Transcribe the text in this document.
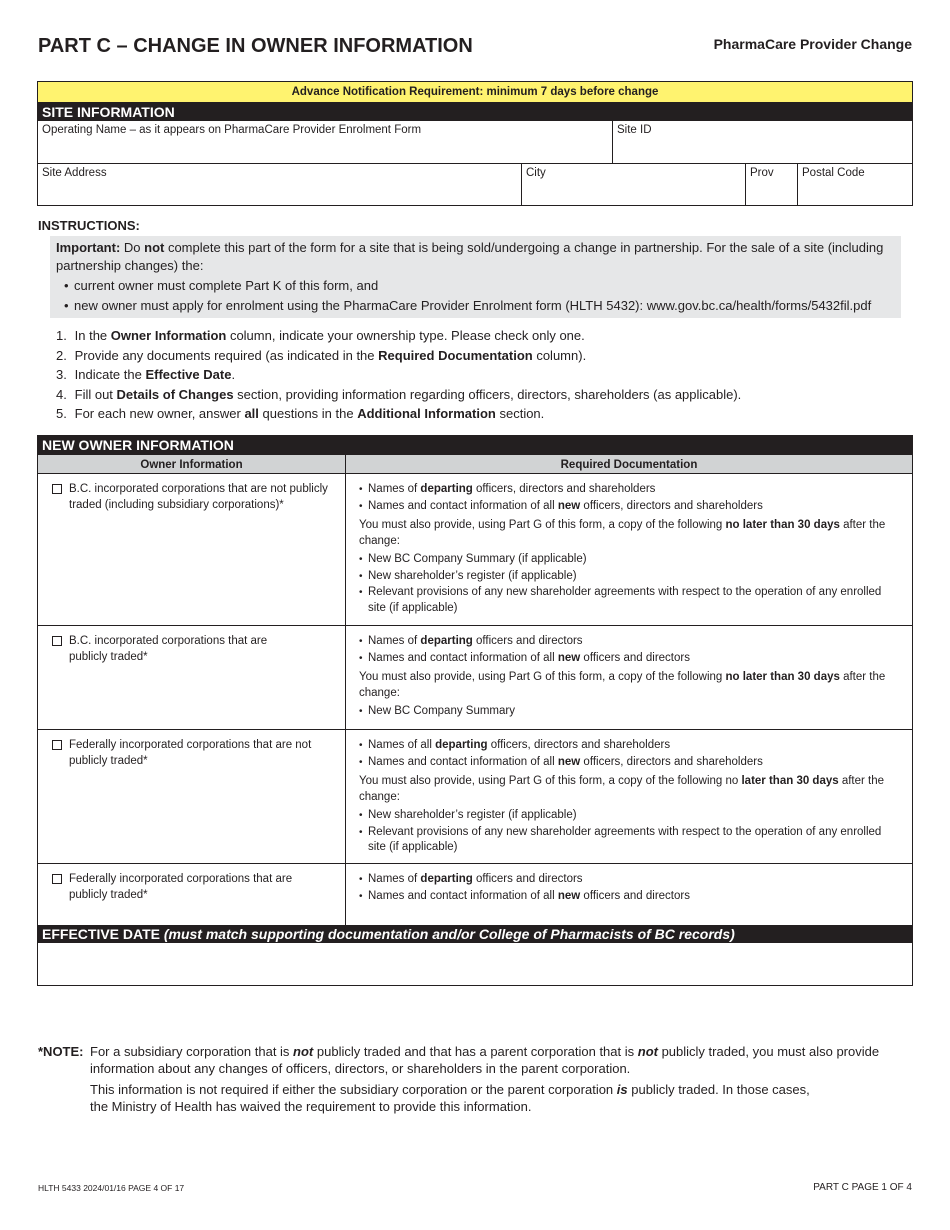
PART C – CHANGE IN OWNER INFORMATION	PharmaCare Provider Change
Advance Notification Requirement: minimum 7 days before change
SITE INFORMATION
Operating Name – as it appears on PharmaCare Provider Enrolment Form	Site ID
Site Address	City	Prov	Postal Code
INSTRUCTIONS:
Important: Do not complete this part of the form for a site that is being sold/undergoing a change in partnership. For the sale of a site (including partnership changes) the:
• current owner must complete Part K of this form, and
• new owner must apply for enrolment using the PharmaCare Provider Enrolment form (HLTH 5432): www.gov.bc.ca/health/forms/5432fil.pdf
1. In the Owner Information column, indicate your ownership type. Please check only one.
2. Provide any documents required (as indicated in the Required Documentation column).
3. Indicate the Effective Date.
4. Fill out Details of Changes section, providing information regarding officers, directors, shareholders (as applicable).
5. For each new owner, answer all questions in the Additional Information section.
NEW OWNER INFORMATION
Owner Information	Required Documentation
B.C. incorporated corporations that are not publicly traded (including subsidiary corporations)*
• Names of departing officers, directors and shareholders
• Names and contact information of all new officers, directors and shareholders
You must also provide, using Part G of this form, a copy of the following no later than 30 days after the change:
• New BC Company Summary (if applicable)
• New shareholder’s register (if applicable)
• Relevant provisions of any new shareholder agreements with respect to the operation of any enrolled site (if applicable)
B.C. incorporated corporations that are publicly traded*
• Names of departing officers and directors
• Names and contact information of all new officers and directors
You must also provide, using Part G of this form, a copy of the following no later than 30 days after the change:
• New BC Company Summary
Federally incorporated corporations that are not publicly traded*
• Names of all departing officers, directors and shareholders
• Names and contact information of all new officers, directors and shareholders
You must also provide, using Part G of this form, a copy of the following no later than 30 days after the change:
• New shareholder’s register (if applicable)
• Relevant provisions of any new shareholder agreements with respect to the operation of any enrolled site (if applicable)
Federally incorporated corporations that are publicly traded*
• Names of departing officers and directors
• Names and contact information of all new officers and directors
EFFECTIVE DATE (must match supporting documentation and/or College of Pharmacists of BC records)
*NOTE: For a subsidiary corporation that is not publicly traded and that has a parent corporation that is not publicly traded, you must also provide information about any changes of officers, directors, or shareholders in the parent corporation.

This information is not required if either the subsidiary corporation or the parent corporation is publicly traded. In those cases, the Ministry of Health has waived the requirement to provide this information.

HLTH 5433 2024/01/16 PAGE 4 OF 17	PART C PAGE 1 OF 4
